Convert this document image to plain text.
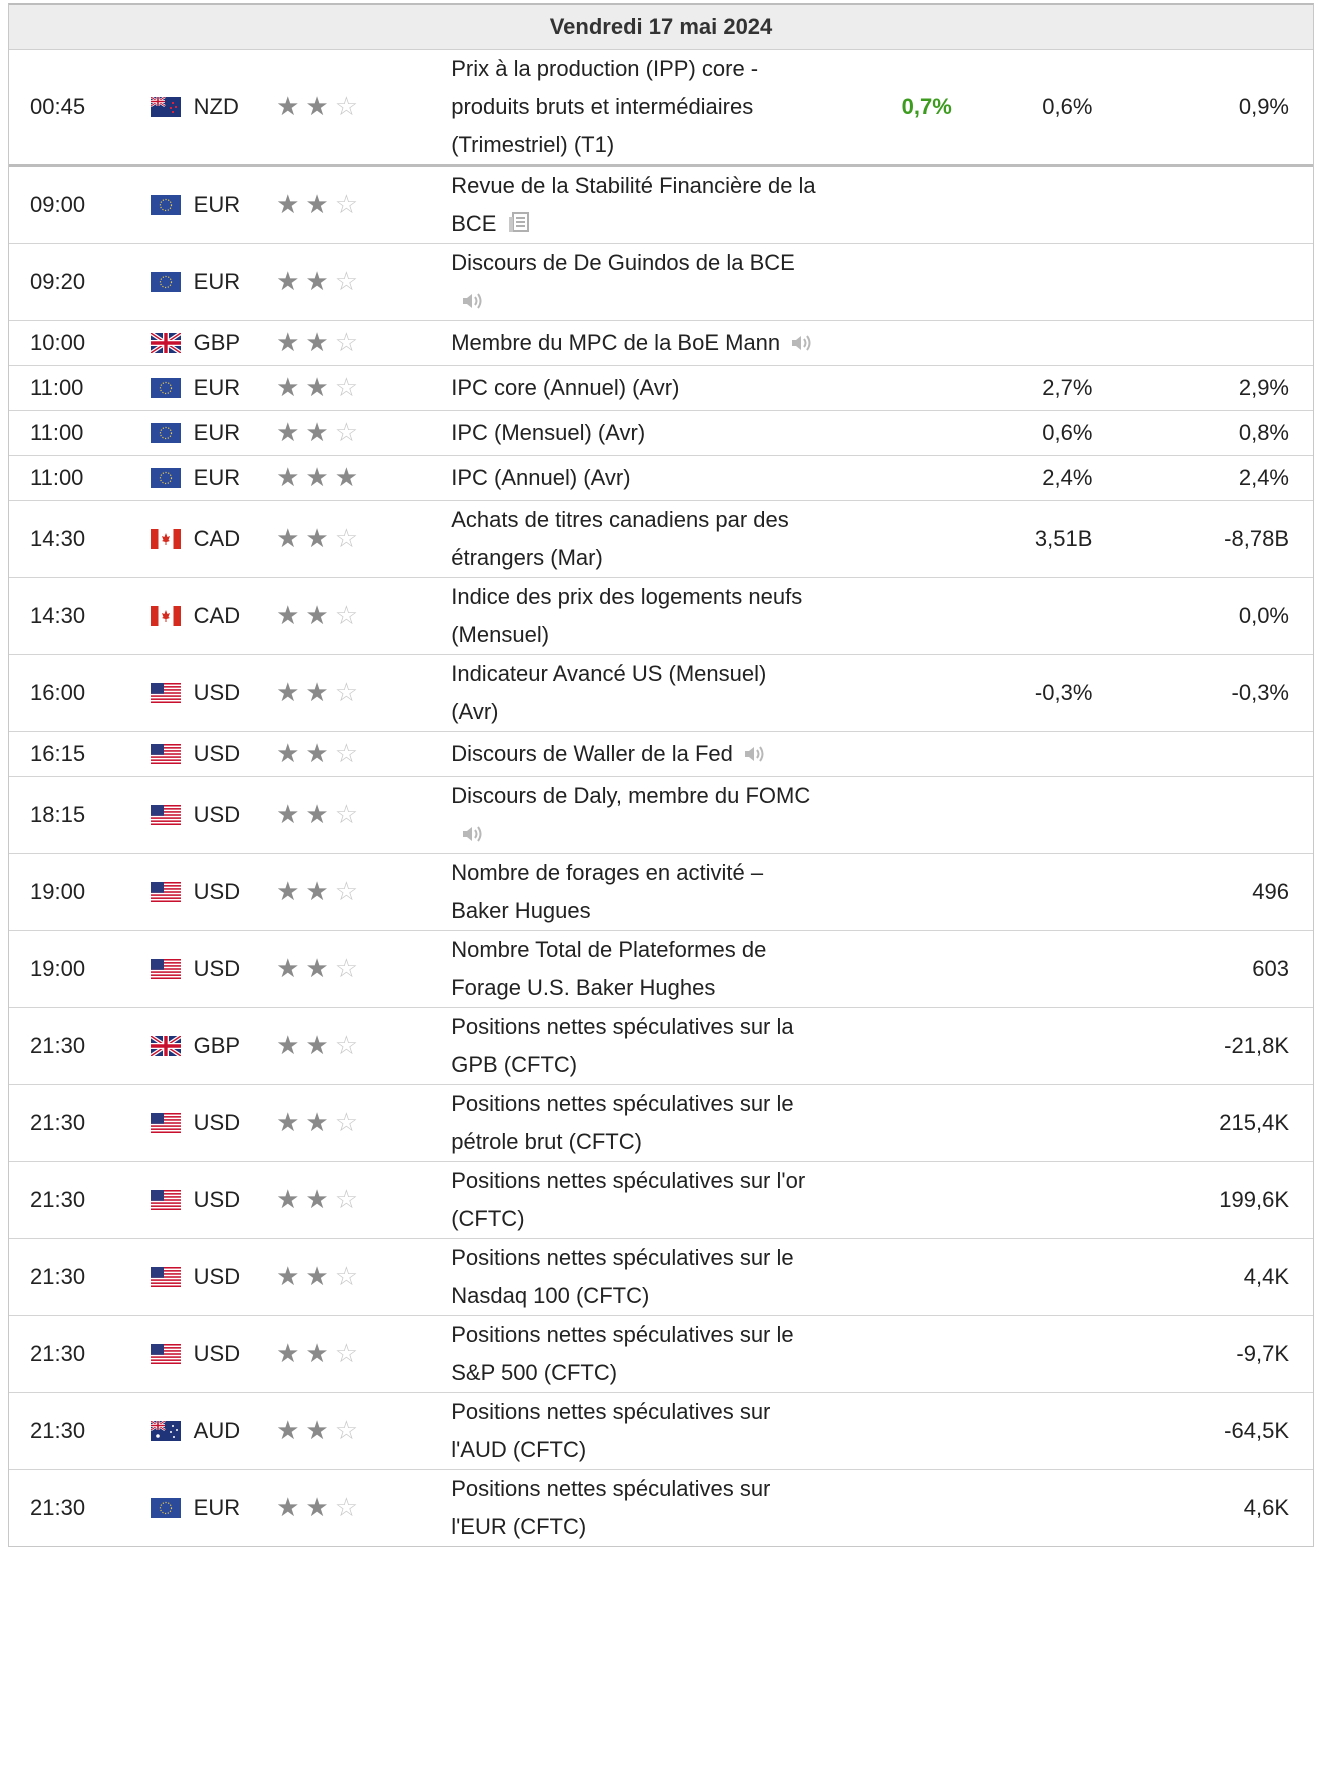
Vendredi 17 mai 2024
00:45	NZD	★ ★ ☆	Prix à la production (IPP) core - produits bruts et intermédiaires (Trimestriel) (T1)	0,7%	0,6%	0,9%
09:00	EUR	★ ★ ☆	Revue de la Stabilité Financière de la BCE

09:20	EUR	★ ★ ☆	Discours de De Guindos de la BCE

10:00	GBP	★ ★ ☆	Membre du MPC de la BoE Mann

11:00	EUR	★ ★ ☆	IPC core (Annuel) (Avr)		2,7%	2,9%
11:00	EUR	★ ★ ☆	IPC (Mensuel) (Avr)		0,6%	0,8%
11:00	EUR	★ ★ ★	IPC (Annuel) (Avr)		2,4%	2,4%
14:30	CAD	★ ★ ☆	Achats de titres canadiens par des étrangers (Mar)		3,51B	-8,78B
14:30	CAD	★ ★ ☆	Indice des prix des logements neufs (Mensuel)			0,0%
16:00	USD	★ ★ ☆	Indicateur Avancé US (Mensuel) (Avr)		-0,3%	-0,3%
16:15	USD	★ ★ ☆	Discours de Waller de la Fed

18:15	USD	★ ★ ☆	Discours de Daly, membre du FOMC

19:00	USD	★ ★ ☆	Nombre de forages en activité – Baker Hugues			496
19:00	USD	★ ★ ☆	Nombre Total de Plateformes de Forage U.S. Baker Hughes			603
21:30	GBP	★ ★ ☆	Positions nettes spéculatives sur la GPB (CFTC)			-21,8K
21:30	USD	★ ★ ☆	Positions nettes spéculatives sur le pétrole brut (CFTC)			215,4K
21:30	USD	★ ★ ☆	Positions nettes spéculatives sur l'or (CFTC)			199,6K
21:30	USD	★ ★ ☆	Positions nettes spéculatives sur le Nasdaq 100 (CFTC)			4,4K
21:30	USD	★ ★ ☆	Positions nettes spéculatives sur le S&P 500 (CFTC)			-9,7K
21:30	AUD	★ ★ ☆	Positions nettes spéculatives sur l'AUD (CFTC)			-64,5K
21:30	EUR	★ ★ ☆	Positions nettes spéculatives sur l'EUR (CFTC)			4,6K
